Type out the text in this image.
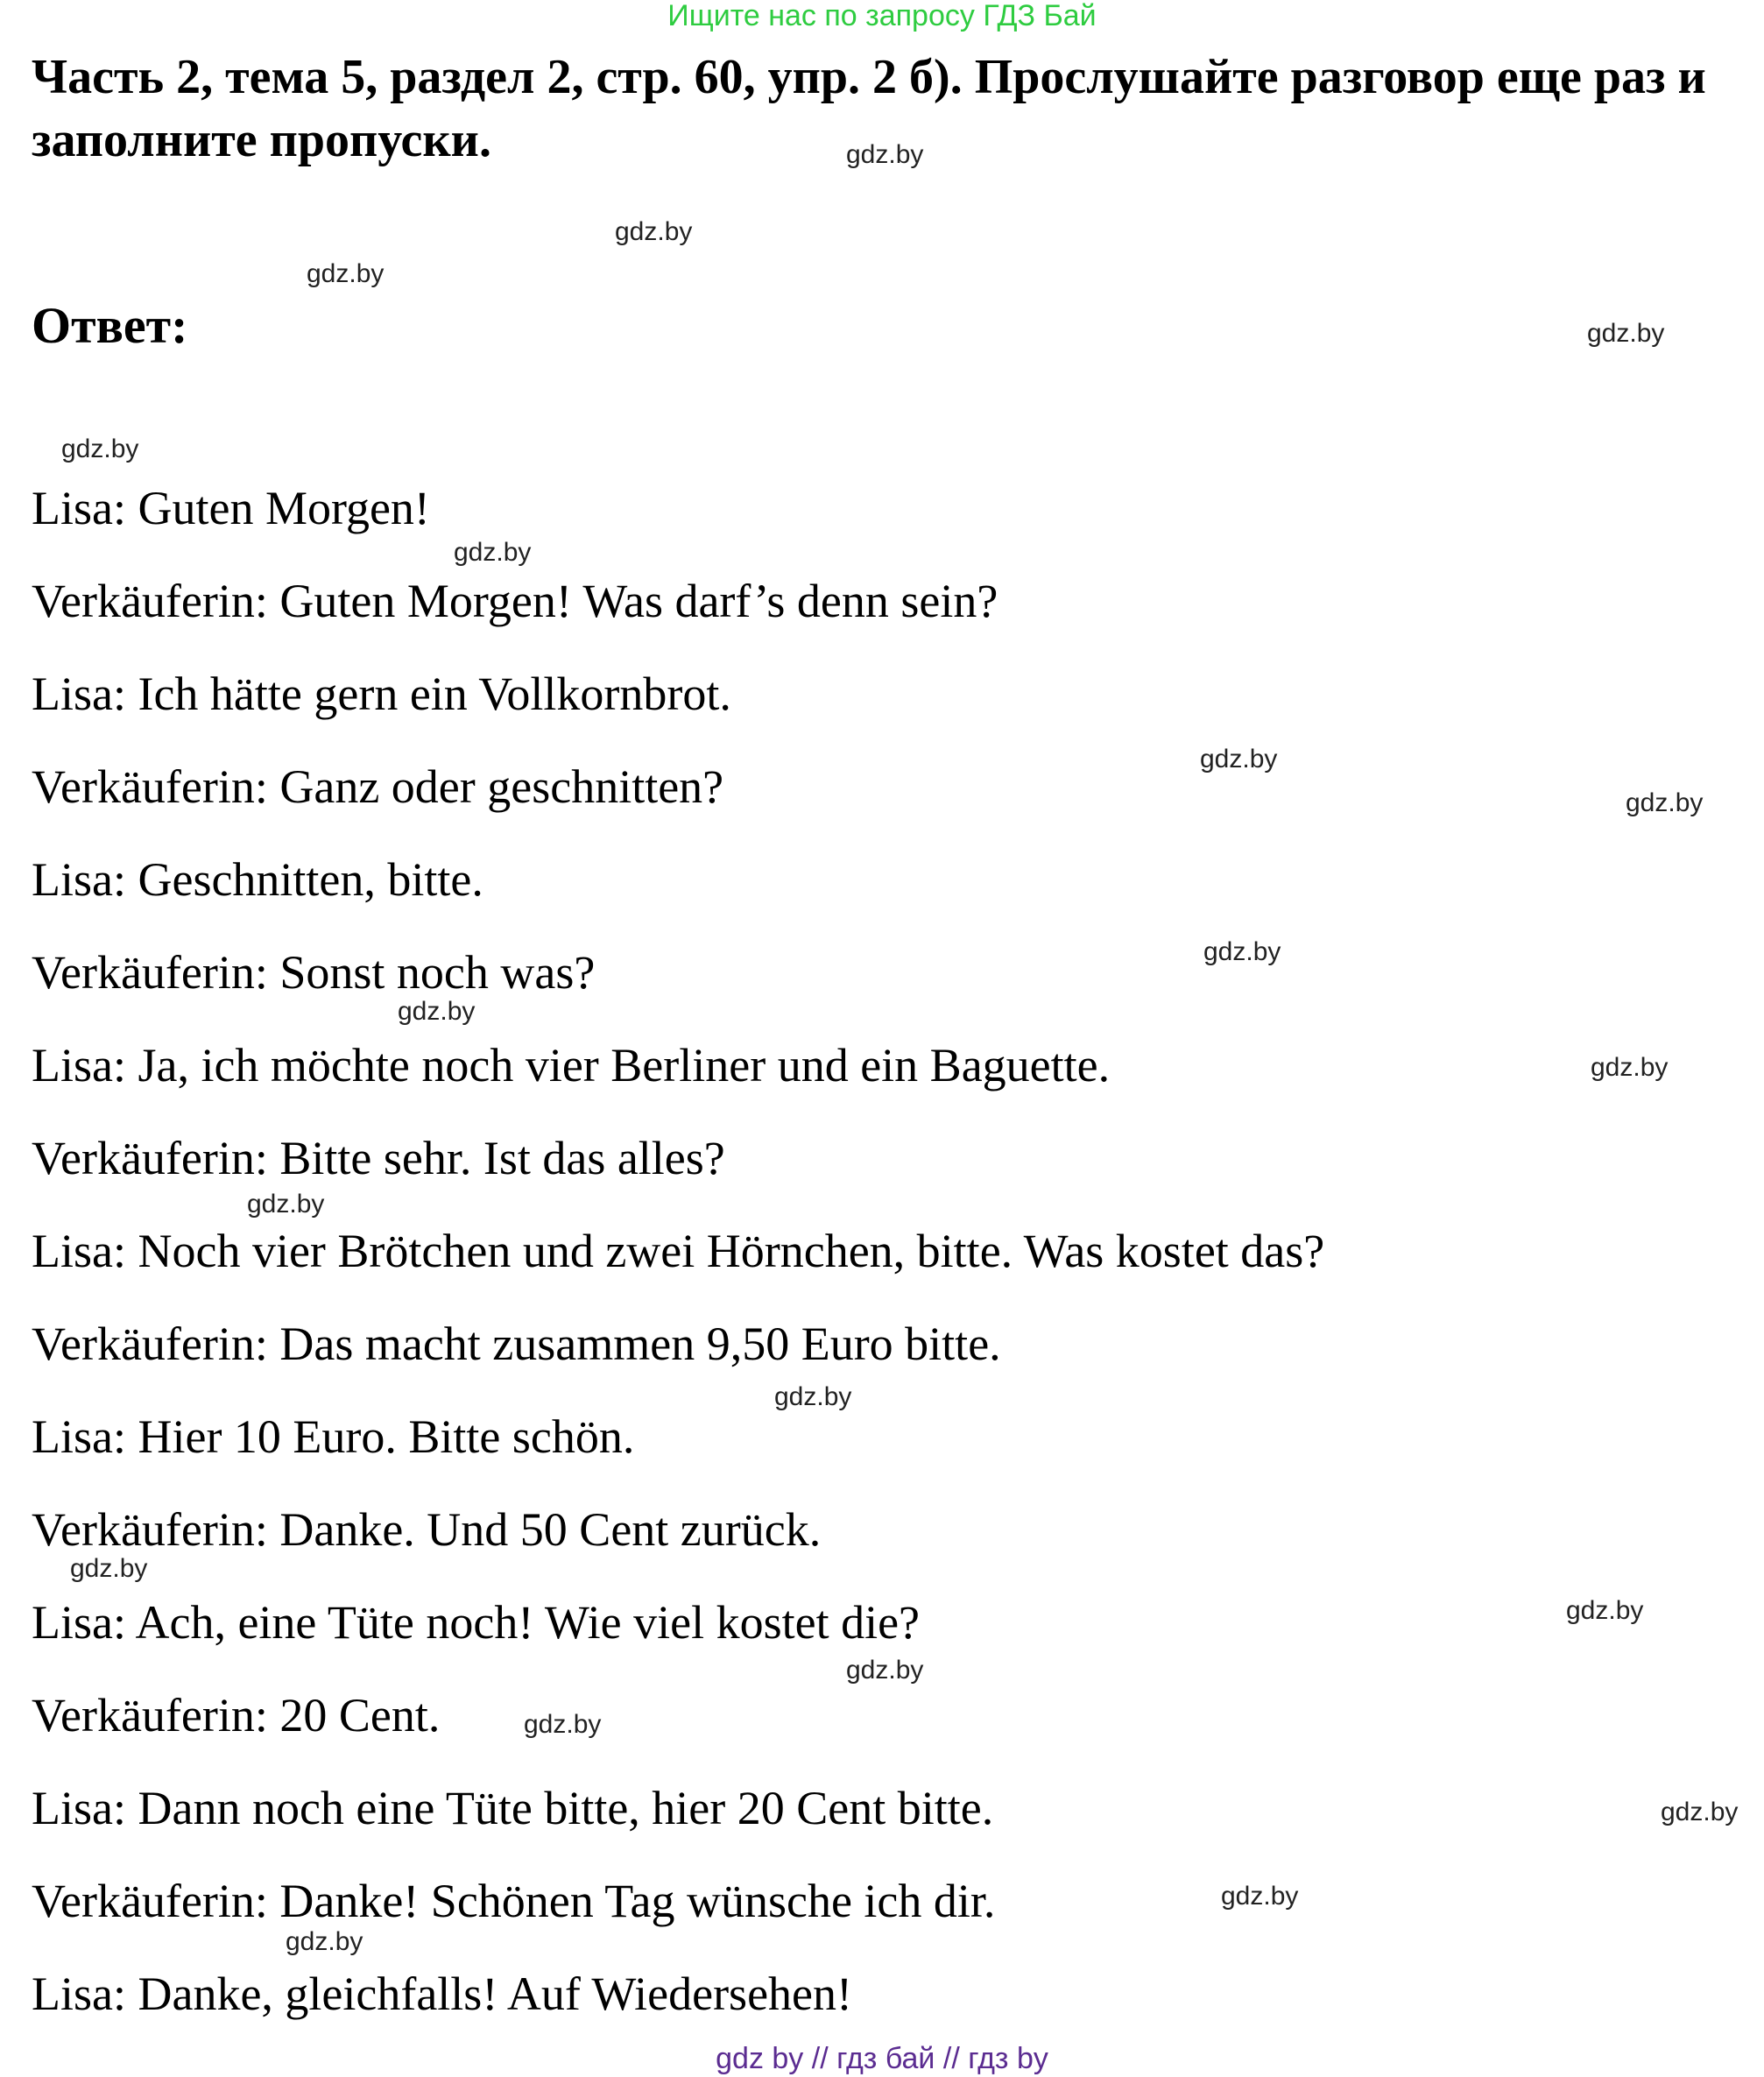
Ищите нас по запросу ГДЗ Бай
Часть 2, тема 5, раздел 2, стр. 60, упр. 2 б). Прослушайте разговор еще раз и заполните пропуски.
Ответ:
Lisa: Guten Morgen!
Verkäuferin: Guten Morgen! Was darf’s denn sein?
Lisa: Ich hätte gern ein Vollkornbrot.
Verkäuferin: Ganz oder geschnitten?
Lisa: Geschnitten, bitte.
Verkäuferin: Sonst noch was?
Lisa: Ja, ich möchte noch vier Berliner und ein Baguette.
Verkäuferin: Bitte sehr. Ist das alles?
Lisa: Noch vier Brötchen und zwei Hörnchen, bitte. Was kostet das?
Verkäuferin: Das macht zusammen 9,50 Euro bitte.
Lisa: Hier 10 Euro. Bitte schön.
Verkäuferin: Danke. Und 50 Cent zurück.
Lisa: Ach, eine Tüte noch! Wie viel kostet die?
Verkäuferin: 20 Cent.
Lisa: Dann noch eine Tüte bitte, hier 20 Cent bitte.
Verkäuferin: Danke! Schönen Tag wünsche ich dir.
Lisa: Danke, gleichfalls! Auf Wiedersehen!
gdz.by
gdz.by
gdz.by
gdz.by
gdz.by
gdz.by
gdz.by
gdz.by
gdz.by
gdz.by
gdz.by
gdz.by
gdz.by
gdz.by
gdz.by
gdz.by
gdz.by
gdz.by
gdz.by
gdz.by
gdz by // гдз бай // гдз by
